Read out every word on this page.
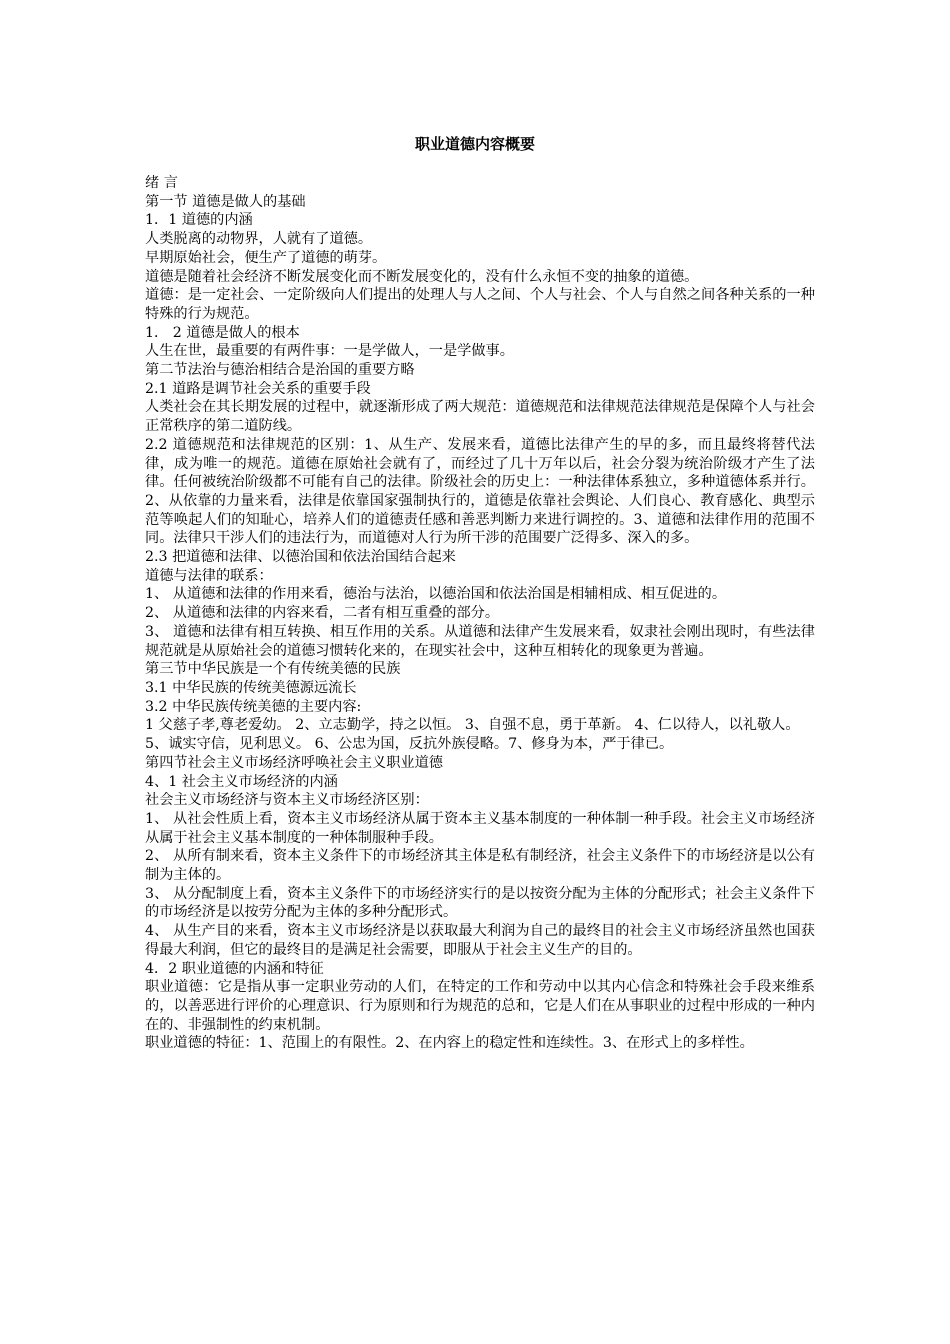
职业道德内容概要

绪 言

第一节 道德是做人的基础

1．1 道德的内涵

人类脱离的动物界，人就有了道德。

早期原始社会，便生产了道德的萌芽。

道德是随着社会经济不断发展变化而不断发展变化的，没有什么永恒不变的抽象的道德。

道德：是一定社会、一定阶级向人们提出的处理人与人之间、个人与社会、个人与自然之间各种关系的一种特殊的行为规范。

1． 2 道德是做人的根本

人生在世，最重要的有两件事：一是学做人，一是学做事。

第二节法治与德治相结合是治国的重要方略

2.1 道路是调节社会关系的重要手段

人类社会在其长期发展的过程中，就逐渐形成了两大规范：道德规范和法律规范法律规范是保障个人与社会正常秩序的第二道防线。

2.2 道德规范和法律规范的区别：1、从生产、发展来看，道德比法律产生的早的多，而且最终将替代法律，成为唯一的规范。道德在原始社会就有了，而经过了几十万年以后，社会分裂为统治阶级才产生了法律。任何被统治阶级都不可能有自己的法律。阶级社会的历史上：一种法律体系独立，多种道德体系并行。2、从依靠的力量来看，法律是依靠国家强制执行的，道德是依靠社会舆论、人们良心、教育感化、典型示范等唤起人们的知耻心，培养人们的道德责任感和善恶判断力来进行调控的。3、道德和法律作用的范围不同。法律只干涉人们的违法行为，而道德对人行为所干涉的范围要广泛得多、深入的多。

2.3 把道德和法律、以德治国和依法治国结合起来

道德与法律的联系：

1、 从道德和法律的作用来看，德治与法治，以德治国和依法治国是相辅相成、相互促进的。

2、 从道德和法律的内容来看，二者有相互重叠的部分。

3、 道德和法律有相互转换、相互作用的关系。从道德和法律产生发展来看，奴隶社会刚出现时，有些法律规范就是从原始社会的道德习惯转化来的，在现实社会中，这种互相转化的现象更为普遍。

第三节中华民族是一个有传统美德的民族

3.1 中华民族的传统美德源远流长

3.2 中华民族传统美德的主要内容:

1 父慈子孝,尊老爱幼。 2、立志勤学，持之以恒。 3、自强不息，勇于革新。 4、仁以待人，以礼敬人。

5、诚实守信，见利思义。 6、公忠为国，反抗外族侵略。7、修身为本，严于律已。

第四节社会主义市场经济呼唤社会主义职业道德

4、1 社会主义市场经济的内涵

社会主义市场经济与资本主义市场经济区别：

1、 从社会性质上看，资本主义市场经济从属于资本主义基本制度的一种体制一种手段。社会主义市场经济从属于社会主义基本制度的一种体制服种手段。

2、 从所有制来看，资本主义条件下的市场经济其主体是私有制经济，社会主义条件下的市场经济是以公有制为主体的。

3、 从分配制度上看，资本主义条件下的市场经济实行的是以按资分配为主体的分配形式；社会主义条件下的市场经济是以按劳分配为主体的多种分配形式。

4、 从生产目的来看，资本主义市场经济是以获取最大利润为自己的最终目的社会主义市场经济虽然也国获得最大利润，但它的最终目的是满足社会需要，即服从于社会主义生产的目的。

4．2 职业道德的内涵和特征

职业道德：它是指从事一定职业劳动的人们，在特定的工作和劳动中以其内心信念和特殊社会手段来维系的，以善恶进行评价的心理意识、行为原则和行为规范的总和，它是人们在从事职业的过程中形成的一种内在的、非强制性的约束机制。

职业道德的特征：1、范围上的有限性。2、在内容上的稳定性和连续性。3、在形式上的多样性。
